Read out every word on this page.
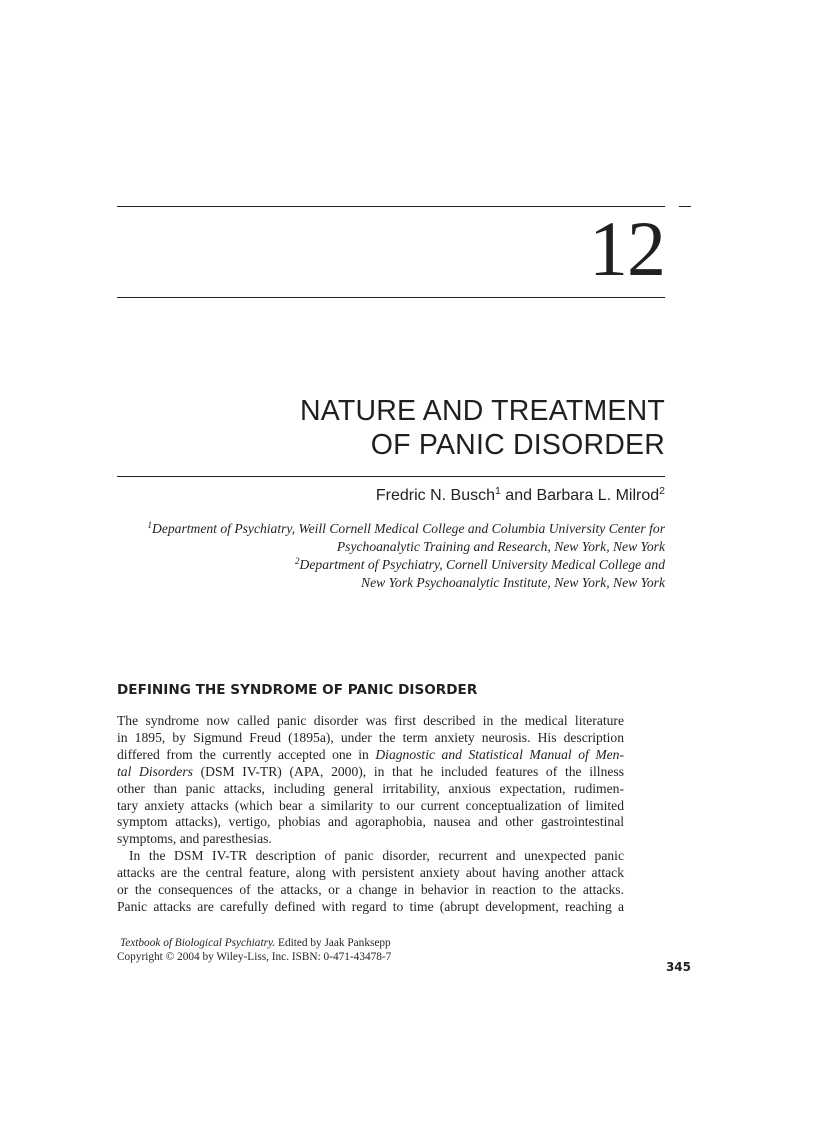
12
NATURE AND TREATMENT
OF PANIC DISORDER
Fredric N. Busch$^1$ and Barbara L. Milrod$^2$
$^1$Department of Psychiatry, Weill Cornell Medical College and Columbia University Center for
Psychoanalytic Training and Research, New York, New York
$^2$Department of Psychiatry, Cornell University Medical College and
New York Psychoanalytic Institute, New York, New York
DEFINING THE SYNDROME OF PANIC DISORDER
The syndrome now called panic disorder was first described in the medical literature
in 1895, by Sigmund Freud (1895a), under the term anxiety neurosis. His description
differed from the currently accepted one in Diagnostic and Statistical Manual of Men-
tal Disorders (DSM IV-TR) (APA, 2000), in that he included features of the illness
other than panic attacks, including general irritability, anxious expectation, rudimen-
tary anxiety attacks (which bear a similarity to our current conceptualization of limited
symptom attacks), vertigo, phobias and agoraphobia, nausea and other gastrointestinal
symptoms, and paresthesias.
In the DSM IV-TR description of panic disorder, recurrent and unexpected panic
attacks are the central feature, along with persistent anxiety about having another attack
or the consequences of the attacks, or a change in behavior in reaction to the attacks.
Panic attacks are carefully defined with regard to time (abrupt development, reaching a
Textbook of Biological Psychiatry. Edited by Jaak Panksepp
Copyright © 2004 by Wiley-Liss, Inc. ISBN: 0-471-43478-7
345
